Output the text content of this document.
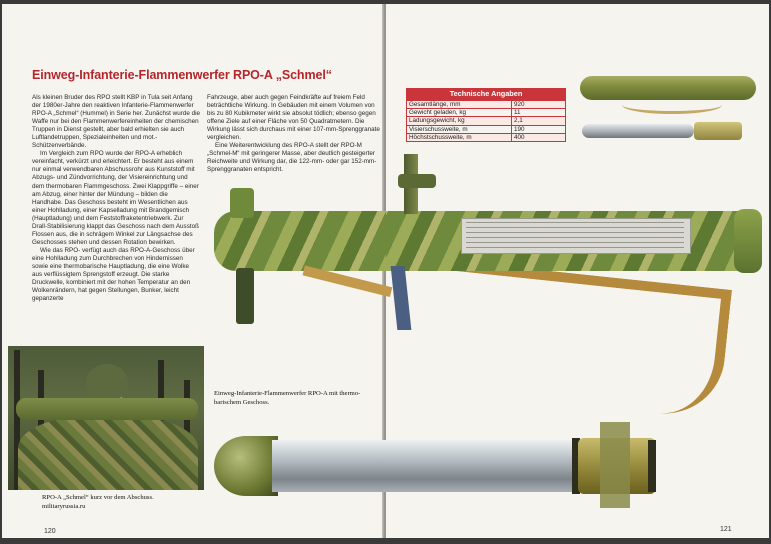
Einweg-Infanterie-Flammenwerfer RPO-A „Schmel“

Als kleinen Bruder des RPO stellt KBP in Tula seit Anfang der 1980er-Jahre den reaktiven Infanterie-Flammenwerfer RPO-A „Schmel“ (Hummel) in Serie her. Zunächst wurde die Waffe nur bei den Flammenwerfereinheiten der chemischen Truppen in Dienst gestellt, aber bald erhielten sie auch Luftlandetruppen, Spezialeinheiten und mot.-Schützenverbände.

Im Vergleich zum RPO wurde der RPO-A erheblich vereinfacht, verkürzt und erleichtert. Er besteht aus einem nur einmal verwendbaren Abschussrohr aus Kunststoff mit Abzugs- und Zündvorrichtung, der Visiereinrichtung und dem thermobaren Flammgeschoss. Zwei Klappgriffe – einer am Abzug, einer hinter der Mündung – bilden die Handhabe. Das Geschoss besteht im Wesentlichen aus einer Hohlladung, einer Kapselladung mit Brandgemisch (Hauptladung) und dem Feststoffraketentriebwerk. Zur Drall-Stabilisierung klappt das Geschoss nach dem Ausstoß Flossen aus, die in schrägem Winkel zur Längsachse des Geschosses stehen und dessen Rotation bewirken.

Wie das RPO- verfügt auch das RPO-A-Geschoss über eine Hohlladung zum Durchbrechen von Hindernissen sowie eine thermobarische Hauptladung, die eine Wolke aus verflüssigtem Sprengstoff erzeugt. Die starke Druckwelle, kombiniert mit der hohen Temperatur an den Wolkenrändern, hat gegen Stellungen, Bunker, leicht gepanzerte

Fahrzeuge, aber auch gegen Feindkräfte auf freiem Feld beträchtliche Wirkung. In Gebäuden mit einem Volumen von bis zu 80 Kubikmeter wirkt sie absolut tödlich; ebenso gegen offene Ziele auf einer Fläche von 50 Quadratmetern. Die Wirkung lässt sich durchaus mit einer 107-mm-Sprenggranate vergleichen.

Eine Weiterentwicklung des RPO-A stellt der RPO-M „Schmel-M“ mit geringerer Masse, aber deutlich gesteigerter Reichweite und Wirkung dar, die 122-mm- oder gar 152-mm-Sprenggranaten entspricht.

RPO-A „Schmel“ kurz vor dem Abschuss.
militaryrussia.ru
120
Technische Angaben
Gesamtlänge, mm	920
Gewicht geladen, kg	11
Ladungsgewicht, kg	2,1
Visierschussweite, m	190
Höchstschussweite, m	400
121
Einweg-Infanterie-Flammenwerfer RPO-A mit thermo-
barischem Geschoss.
